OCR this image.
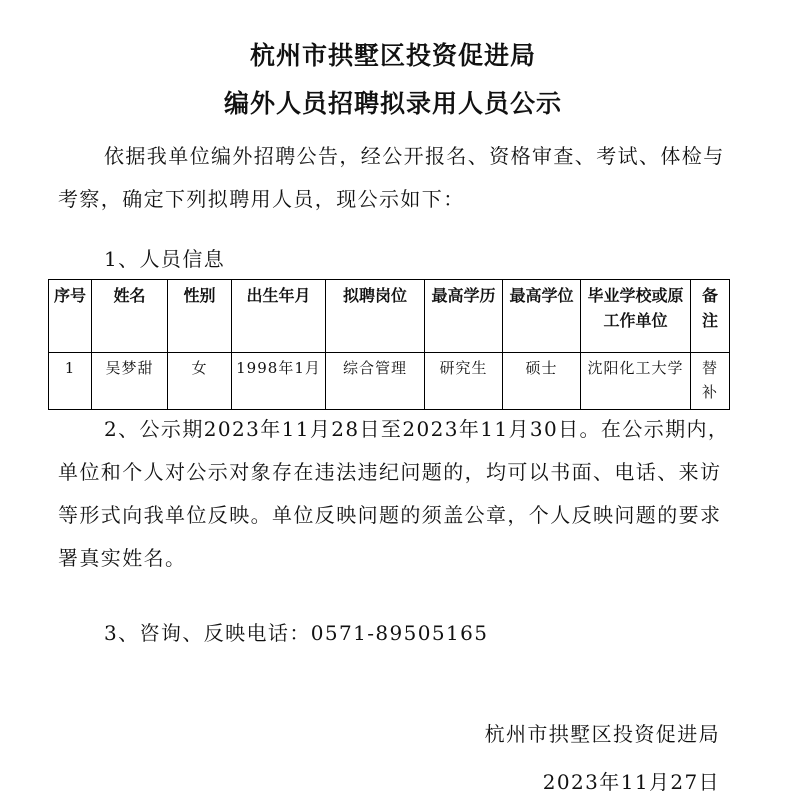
杭州市拱墅区投资促进局
编外人员招聘拟录用人员公示

依据我单位编外招聘公告，经公开报名、资格审查、考试、体检与考察，确定下列拟聘用人员，现公示如下：

1、人员信息

序号	姓名	性别	出生年月	拟聘岗位	最高学历	最高学位	毕业学校或原工作单位	备注
1	吴梦甜	女	1998年1月	综合管理	研究生	硕士	沈阳化工大学	替补

2、公示期2023年11月28日至2023年11月30日。在公示期内，单位和个人对公示对象存在违法违纪问题的，均可以书面、电话、来访等形式向我单位反映。单位反映问题的须盖公章，个人反映问题的要求署真实姓名。

3、咨询、反映电话：0571-89505165

杭州市拱墅区投资促进局

2023年11月27日
